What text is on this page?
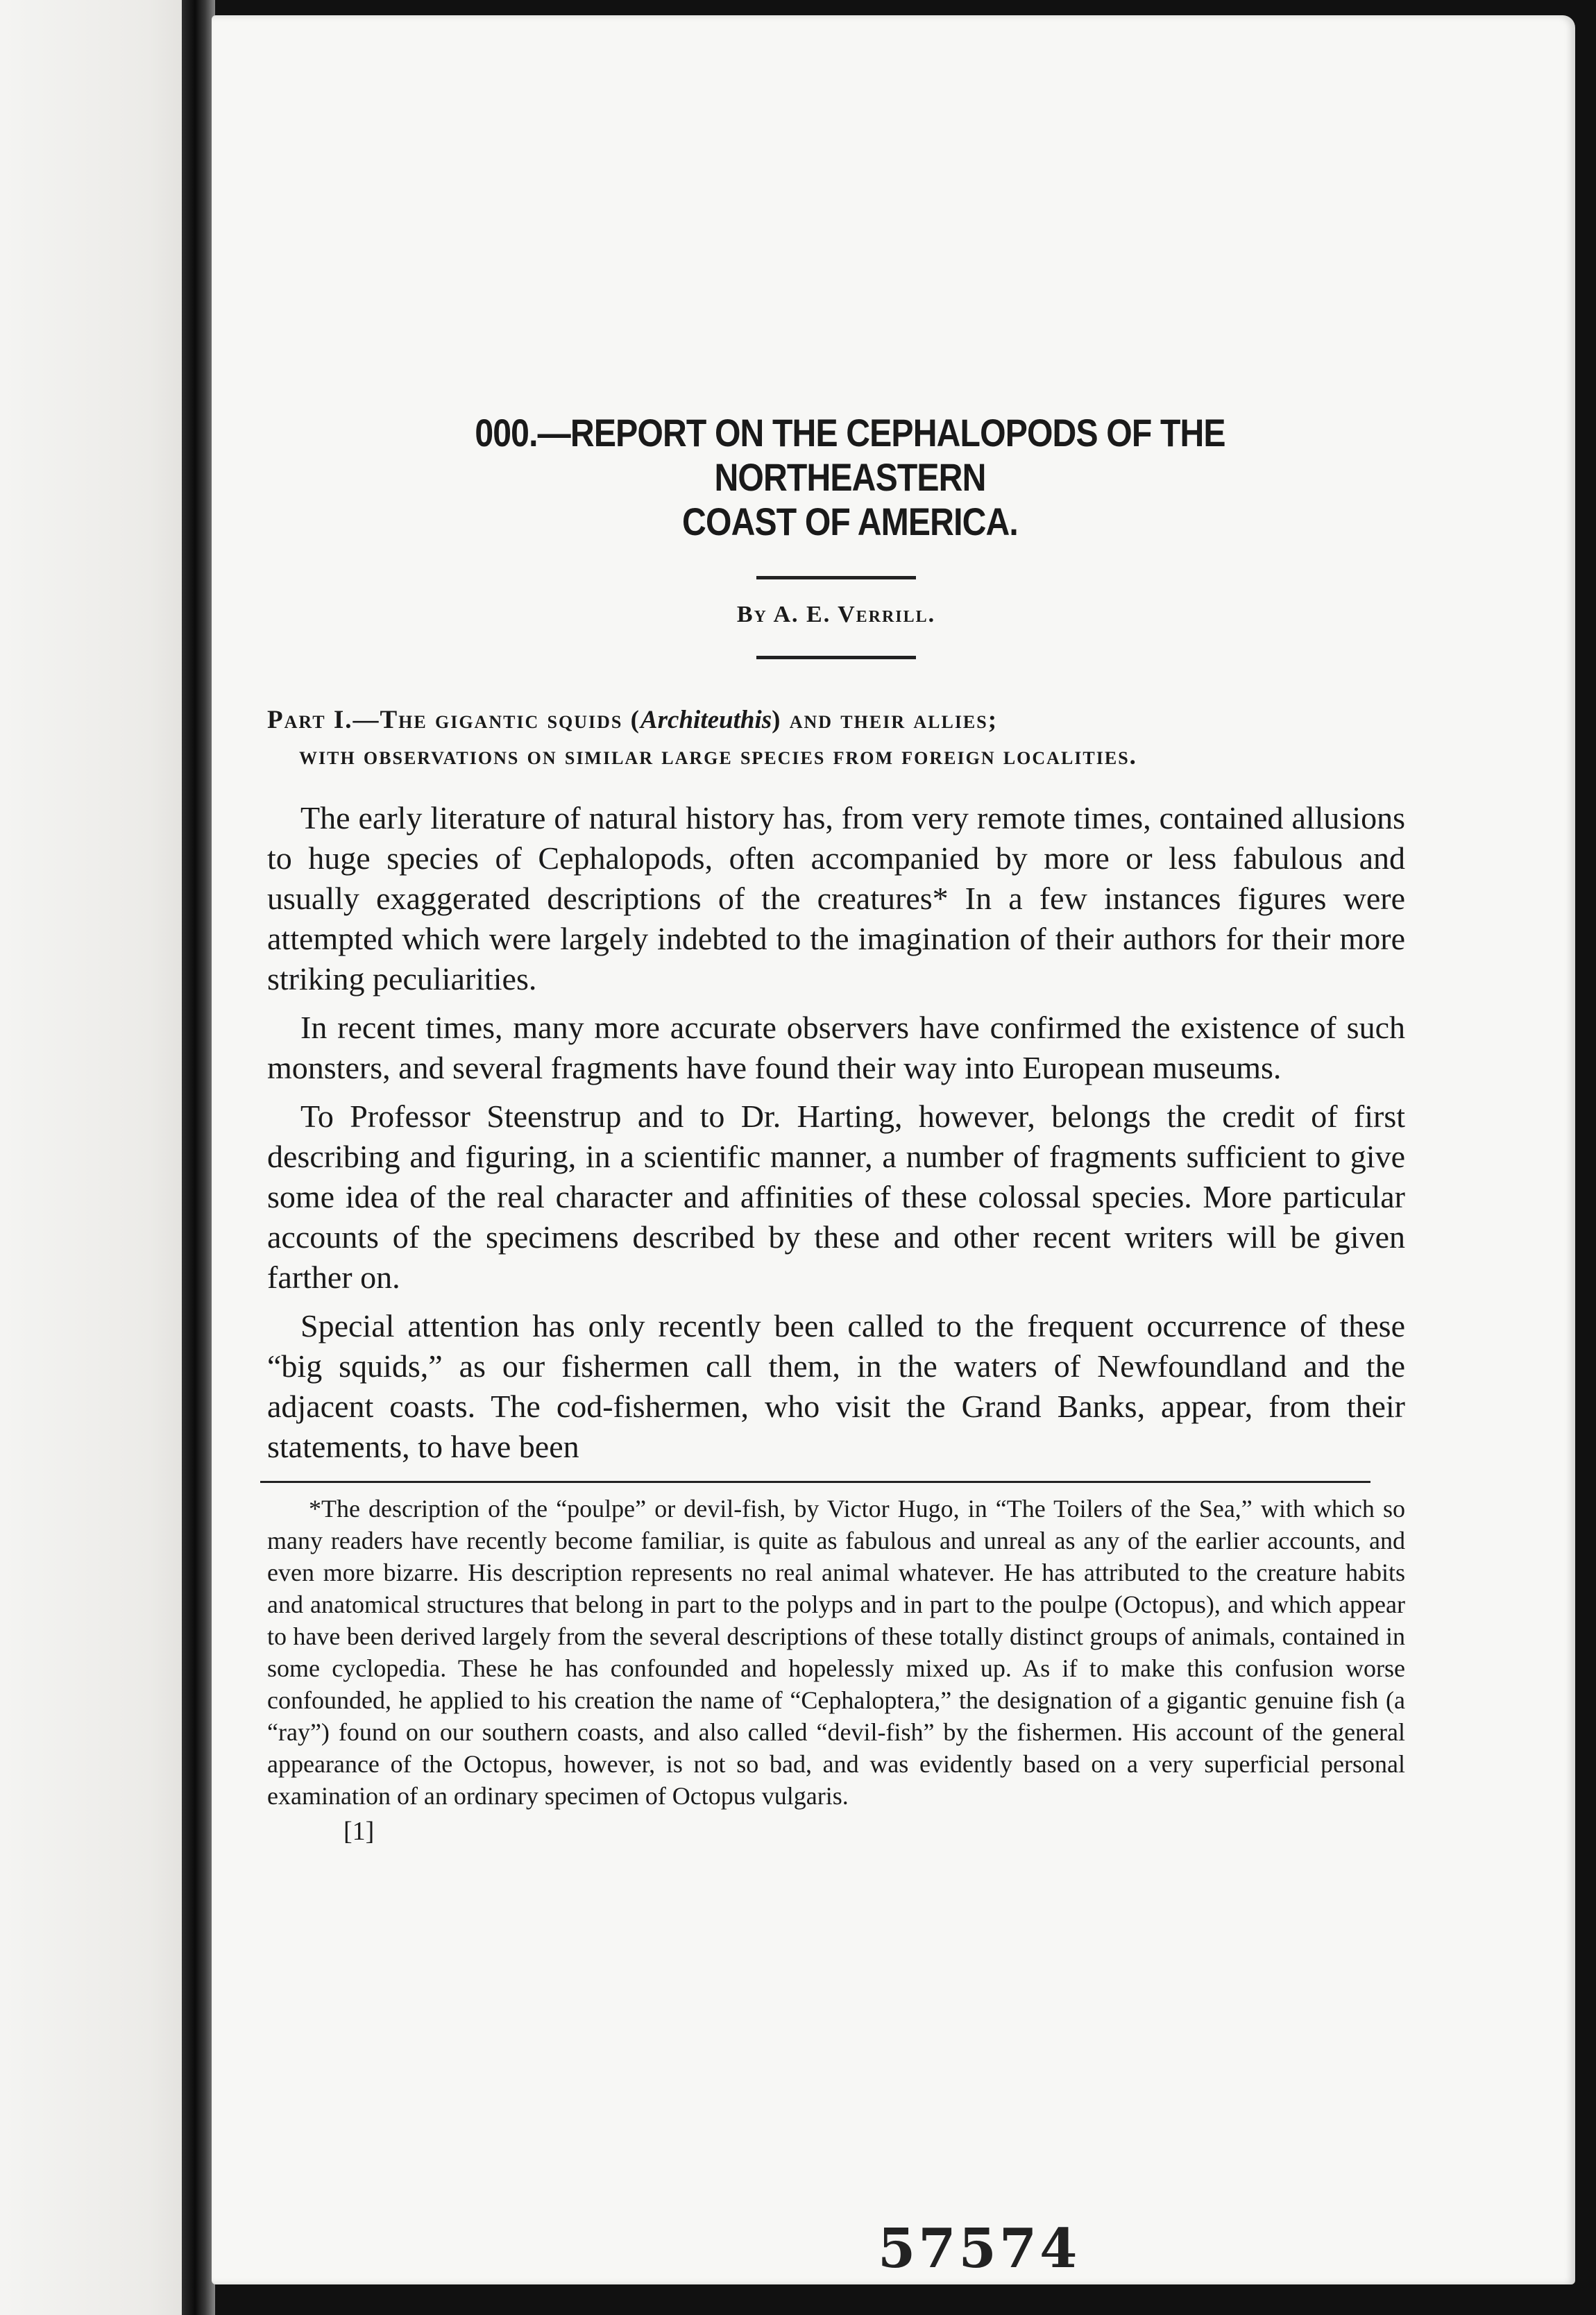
000.—REPORT ON THE CEPHALOPODS OF THE NORTHEASTERN
COAST OF AMERICA.
By A. E. Verrill.
Part I.—The gigantic squids (Architeuthis) and their allies;
with observations on similar large species from foreign localities.

The early literature of natural history has, from very remote times, contained allusions to huge species of Cephalopods, often accompanied by more or less fabulous and usually exaggerated descriptions of the creatures* In a few instances figures were attempted which were largely indebted to the imagination of their authors for their more striking peculiarities.

In recent times, many more accurate observers have confirmed the existence of such monsters, and several fragments have found their way into European museums.

To Professor Steenstrup and to Dr. Harting, however, belongs the credit of first describing and figuring, in a scientific manner, a number of fragments sufficient to give some idea of the real character and affinities of these colossal species. More particular accounts of the specimens described by these and other recent writers will be given farther on.

Special attention has only recently been called to the frequent occurrence of these “big squids,” as our fishermen call them, in the waters of Newfoundland and the adjacent coasts. The cod-fishermen, who visit the Grand Banks, appear, from their statements, to have been

*The description of the “poulpe” or devil-fish, by Victor Hugo, in “The Toilers of the Sea,” with which so many readers have recently become familiar, is quite as fabulous and unreal as any of the earlier accounts, and even more bizarre. His description represents no real animal whatever. He has attributed to the creature habits and anatomical structures that belong in part to the polyps and in part to the poulpe (Octopus), and which appear to have been derived largely from the several descriptions of these totally distinct groups of animals, contained in some cyclopedia. These he has confounded and hopelessly mixed up. As if to make this confusion worse confounded, he applied to his creation the name of “Cephaloptera,” the designation of a gigantic genuine fish (a “ray”) found on our southern coasts, and also called “devil-fish” by the fishermen. His account of the general appearance of the Octopus, however, is not so bad, and was evidently based on a very superficial personal examination of an ordinary specimen of Octopus vulgaris.
[1]
57574
